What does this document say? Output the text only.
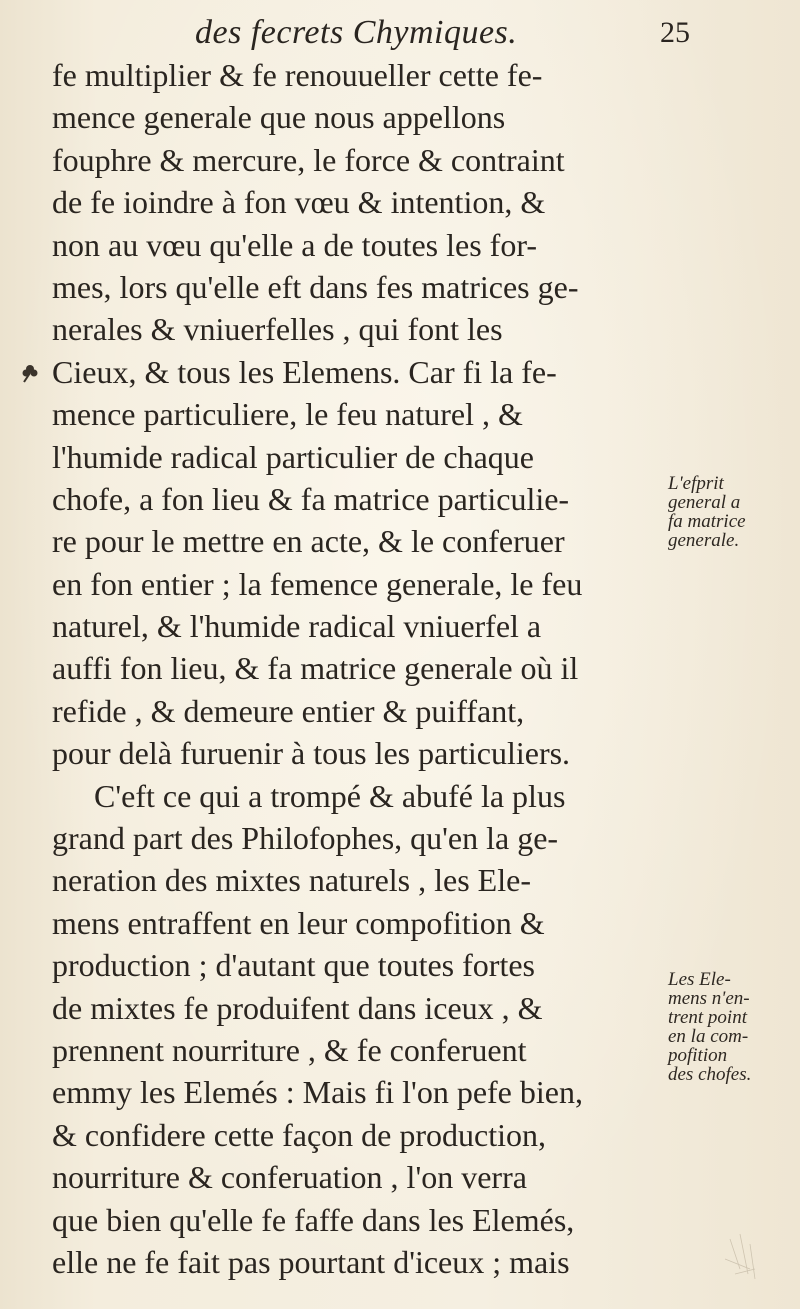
des fecrets Chymiques.	25
fe multiplier & fe renouueller cette fe-
mence generale que nous appellons
fouphre & mercure, le force & contraint
de fe ioindre à fon vœu & intention, &
non au vœu qu'elle a de toutes les for-
mes, lors qu'elle eft dans fes matrices ge-
nerales & vniuerfelles , qui font les
Cieux, & tous les Elemens. Car fi la fe-
mence particuliere, le feu naturel , &
l'humide radical particulier de chaque
chofe, a fon lieu & fa matrice particulie-
re pour le mettre en acte, & le conferuer
en fon entier ; la femence generale, le feu
naturel, & l'humide radical vniuerfel a
auffi fon lieu, & fa matrice generale où il
refide , & demeure entier & puiffant,
pour delà furuenir à tous les particuliers.
C'eft ce qui a trompé & abufé la plus
grand part des Philofophes, qu'en la ge-
neration des mixtes naturels , les Ele-
mens entraffent en leur compofition &
production ; d'autant que toutes fortes
de mixtes fe produifent dans iceux , &
prennent nourriture , & fe conferuent
emmy les Elemés : Mais fi l'on pefe bien,
& confidere cette façon de production,
nourriture & conferuation , l'on verra
que bien qu'elle fe faffe dans les Elemés,
elle ne fe fait pas pourtant d'iceux ; mais
L'efprit
general a
fa matrice
generale.
Les Ele-
mens n'en-
trent point
en la com-
pofition
des chofes.
